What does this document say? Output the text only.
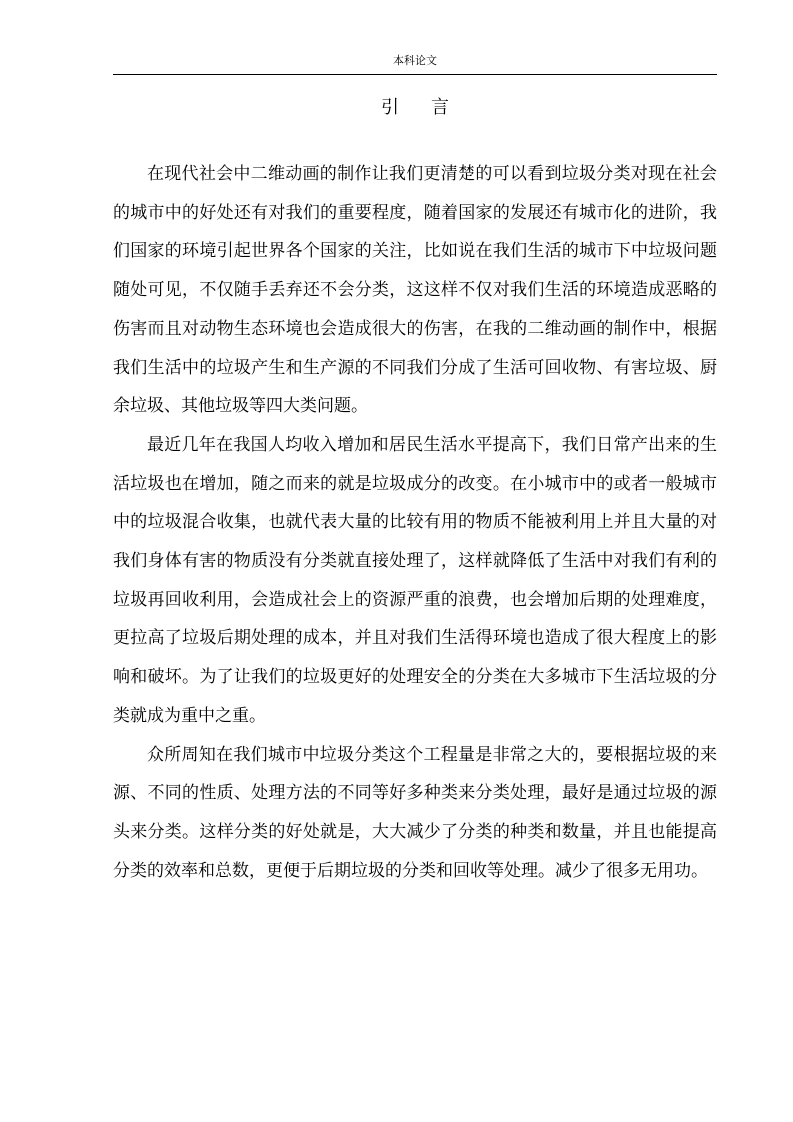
本科论文
引言

在现代社会中二维动画的制作让我们更清楚的可以看到垃圾分类对现在社会的城市中的好处还有对我们的重要程度，随着国家的发展还有城市化的进阶，我们国家的环境引起世界各个国家的关注，比如说在我们生活的城市下中垃圾问题随处可见，不仅随手丢弃还不会分类，这这样不仅对我们生活的环境造成恶略的伤害而且对动物生态环境也会造成很大的伤害，在我的二维动画的制作中，根据我们生活中的垃圾产生和生产源的不同我们分成了生活可回收物、有害垃圾、厨余垃圾、其他垃圾等四大类问题。

最近几年在我国人均收入增加和居民生活水平提高下，我们日常产出来的生活垃圾也在增加，随之而来的就是垃圾成分的改变。在小城市中的或者一般城市中的垃圾混合收集，也就代表大量的比较有用的物质不能被利用上并且大量的对我们身体有害的物质没有分类就直接处理了，这样就降低了生活中对我们有利的垃圾再回收利用，会造成社会上的资源严重的浪费，也会增加后期的处理难度，更拉高了垃圾后期处理的成本，并且对我们生活得环境也造成了很大程度上的影响和破坏。为了让我们的垃圾更好的处理安全的分类在大多城市下生活垃圾的分类就成为重中之重。

众所周知在我们城市中垃圾分类这个工程量是非常之大的，要根据垃圾的来源、不同的性质、处理方法的不同等好多种类来分类处理，最好是通过垃圾的源头来分类。这样分类的好处就是，大大减少了分类的种类和数量，并且也能提高分类的效率和总数，更便于后期垃圾的分类和回收等处理。减少了很多无用功。
